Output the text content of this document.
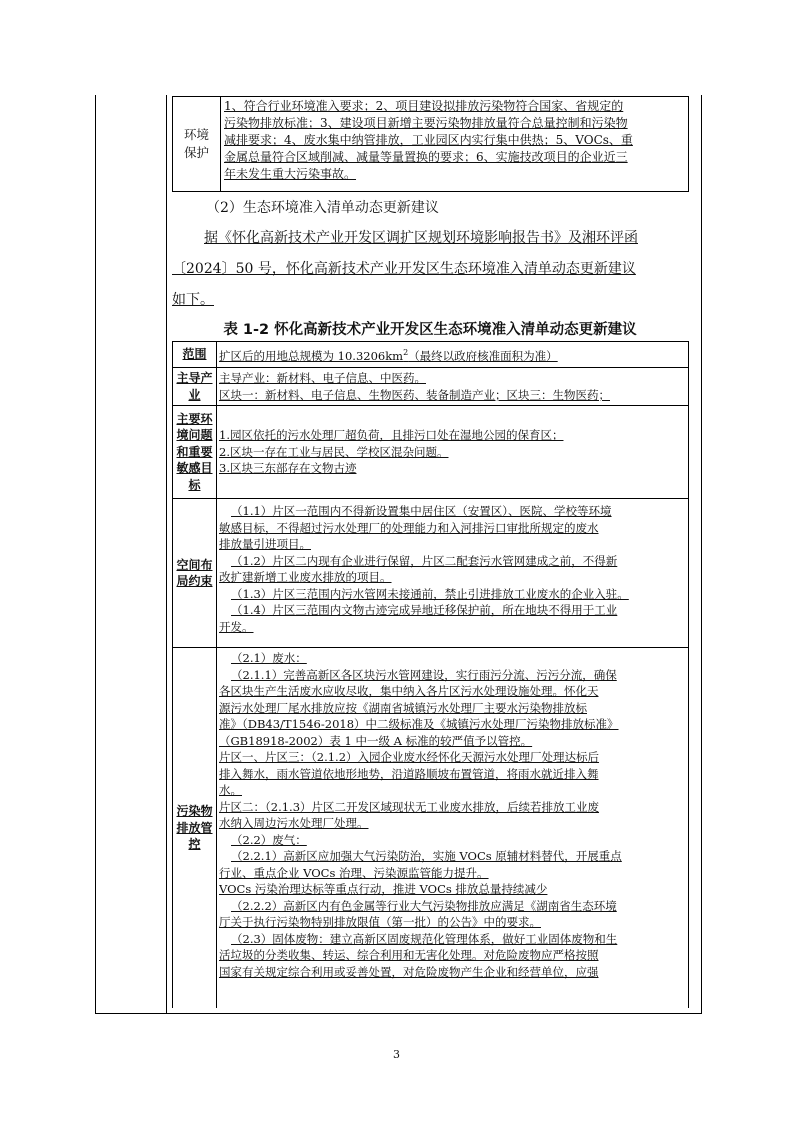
环境
保护
1、符合行业环境准入要求；2、项目建设拟排放污染物符合国家、省规定的
污染物排放标准；3、建设项目新增主要污染物排放量符合总量控制和污染物
减排要求；4、废水集中纳管排放，工业园区内实行集中供热；5、VOCs、重
金属总量符合区域削减、减量等量置换的要求；6、实施技改项目的企业近三
年未发生重大污染事故。
（2）生态环境准入清单动态更新建议
据《怀化高新技术产业开发区调扩区规划环境影响报告书》及湘环评函
〔2024〕50 号，怀化高新技术产业开发区生态环境准入清单动态更新建议
如下。
表 1-2 怀化高新技术产业开发区生态环境准入清单动态更新建议
范围	扩区后的用地总规模为 $10.3206km^2$（最终以政府核准面积为准）
主导产业
主导产业：新材料、电子信息、中医药。
区块一：新材料、电子信息、生物医药、装备制造产业；区块三：生物医药；
主要环境问题和重要敏感目标
1.园区依托的污水处理厂超负荷，且排污口处在湿地公园的保育区；
2.区块一存在工业与居民、学校区混杂问题。
3.区块三东部存在文物古迹
空间布局约束
（1.1）片区一范围内不得新设置集中居住区（安置区）、医院、学校等环境
敏感目标，不得超过污水处理厂的处理能力和入河排污口审批所规定的废水
排放量引进项目。
（1.2）片区二内现有企业进行保留，片区二配套污水管网建成之前，不得新
改扩建新增工业废水排放的项目。
（1.3）片区三范围内污水管网未接通前，禁止引进排放工业废水的企业入驻。
（1.4）片区三范围内文物古迹完成异地迁移保护前，所在地块不得用于工业
开发。
污染物排放管控
（2.1）废水：
（2.1.1）完善高新区各区块污水管网建设，实行雨污分流、污污分流，确保
各区块生产生活废水应收尽收，集中纳入各片区污水处理设施处理。怀化天
源污水处理厂尾水排放应按《湖南省城镇污水处理厂主要水污染物排放标
准》（DB43/T1546-2018）中二级标准及《城镇污水处理厂污染物排放标准》
（GB18918-2002）表 1 中一级 A 标准的较严值予以管控。
片区一、片区三：（2.1.2）入园企业废水经怀化天源污水处理厂处理达标后
排入舞水，雨水管道依地形地势，沿道路顺坡布置管道，将雨水就近排入舞
水。
片区二：（2.1.3）片区二开发区域现状无工业废水排放，后续若排放工业废
水纳入周边污水处理厂处理。
（2.2）废气：
（2.2.1）高新区应加强大气污染防治，实施 VOCs 原辅材料替代，开展重点
行业、重点企业 VOCs 治理、污染源监管能力提升。
VOCs 污染治理达标等重点行动，推进 VOCs 排放总量持续减少
（2.2.2）高新区内有色金属等行业大气污染物排放应满足《湖南省生态环境
厅关于执行污染物特别排放限值（第一批）的公告》中的要求。
（2.3）固体废物：建立高新区固废规范化管理体系，做好工业固体废物和生
活垃圾的分类收集、转运、综合利用和无害化处理。对危险废物应严格按照
国家有关规定综合利用或妥善处置，对危险废物产生企业和经营单位，应强
3
